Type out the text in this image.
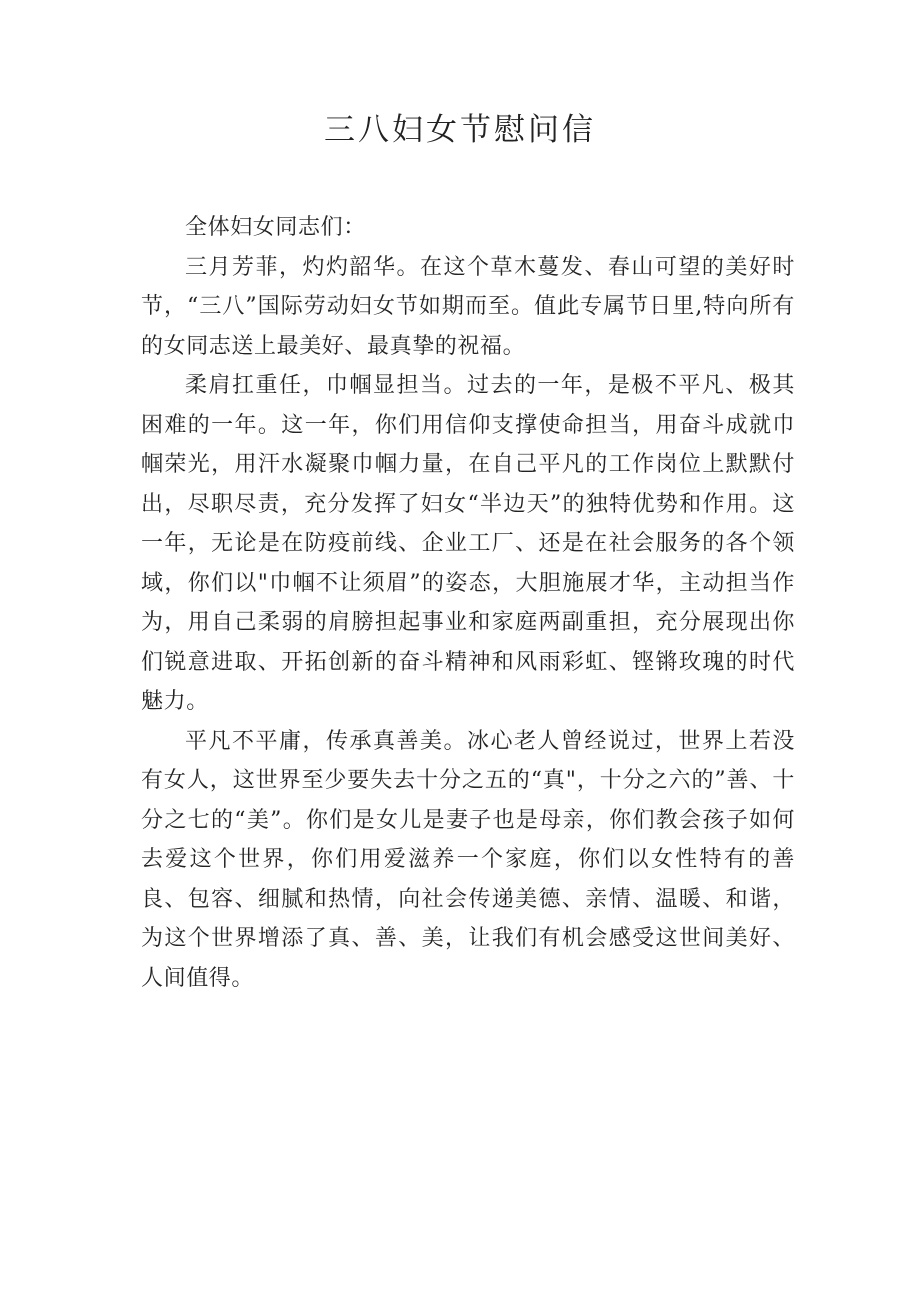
三八妇女节慰问信

全体妇女同志们：

三月芳菲，灼灼韶华。在这个草木蔓发、春山可望的美好时节，“三八”国际劳动妇女节如期而至。值此专属节日里,特向所有的女同志送上最美好、最真挚的祝福。

柔肩扛重任，巾帼显担当。过去的一年，是极不平凡、极其困难的一年。这一年，你们用信仰支撑使命担当，用奋斗成就巾帼荣光，用汗水凝聚巾帼力量，在自己平凡的工作岗位上默默付出，尽职尽责，充分发挥了妇女“半边天”的独特优势和作用。这一年，无论是在防疫前线、企业工厂、还是在社会服务的各个领域，你们以"巾帼不让须眉”的姿态，大胆施展才华，主动担当作为，用自己柔弱的肩膀担起事业和家庭两副重担，充分展现出你们锐意进取、开拓创新的奋斗精神和风雨彩虹、铿锵玫瑰的时代魅力。

平凡不平庸，传承真善美。冰心老人曾经说过，世界上若没有女人，这世界至少要失去十分之五的“真"，十分之六的”善、十分之七的“美”。你们是女儿是妻子也是母亲，你们教会孩子如何去爱这个世界，你们用爱滋养一个家庭，你们以女性特有的善良、包容、细腻和热情，向社会传递美德、亲情、温暖、和谐，为这个世界增添了真、善、美，让我们有机会感受这世间美好、人间值得。
